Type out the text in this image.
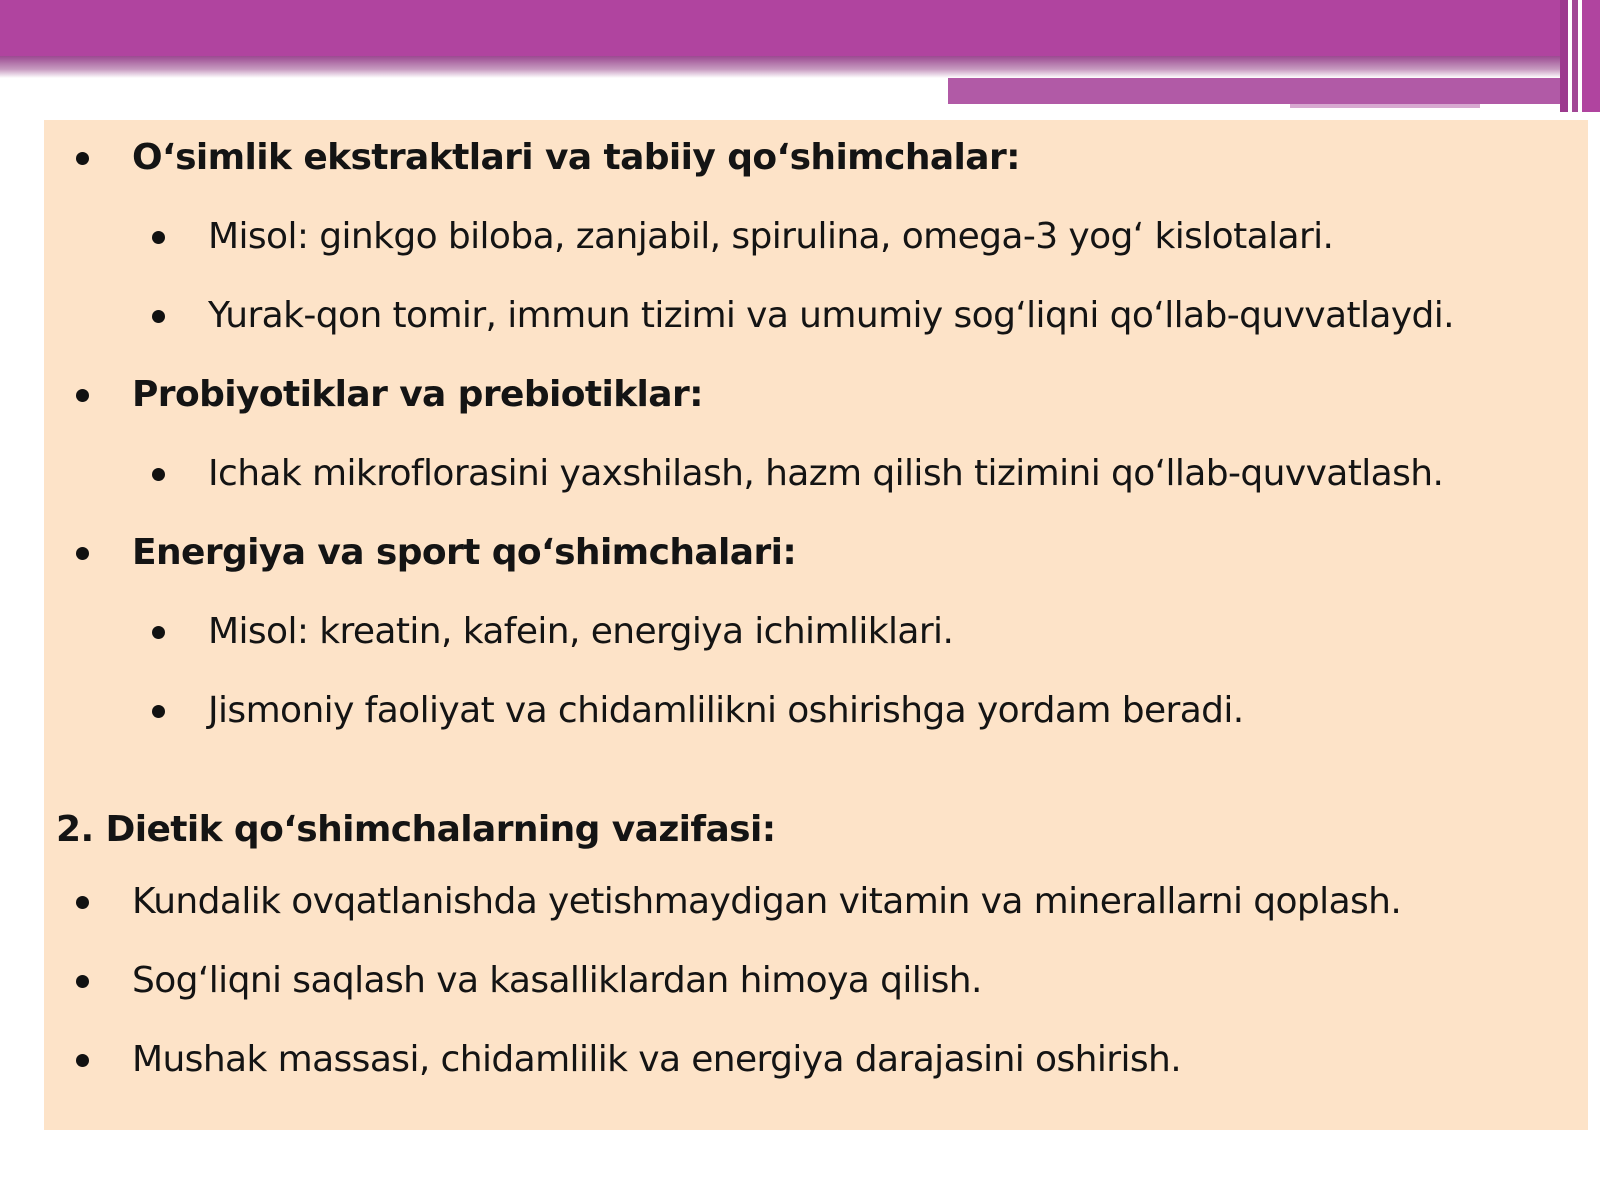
O‘simlik ekstraktlari va tabiiy qo‘shimchalar:
Misol: ginkgo biloba, zanjabil, spirulina, omega-3 yog‘ kislotalari.
Yurak-qon tomir, immun tizimi va umumiy sog‘liqni qo‘llab-quvvatlaydi.
Probiyotiklar va prebiotiklar:
Ichak mikroflorasini yaxshilash, hazm qilish tizimini qo‘llab-quvvatlash.
Energiya va sport qo‘shimchalari:
Misol: kreatin, kafein, energiya ichimliklari.
Jismoniy faoliyat va chidamlilikni oshirishga yordam beradi.
2. Dietik qo‘shimchalarning vazifasi:
Kundalik ovqatlanishda yetishmaydigan vitamin va minerallarni qoplash.
Sog‘liqni saqlash va kasalliklardan himoya qilish.
Mushak massasi, chidamlilik va energiya darajasini oshirish.
